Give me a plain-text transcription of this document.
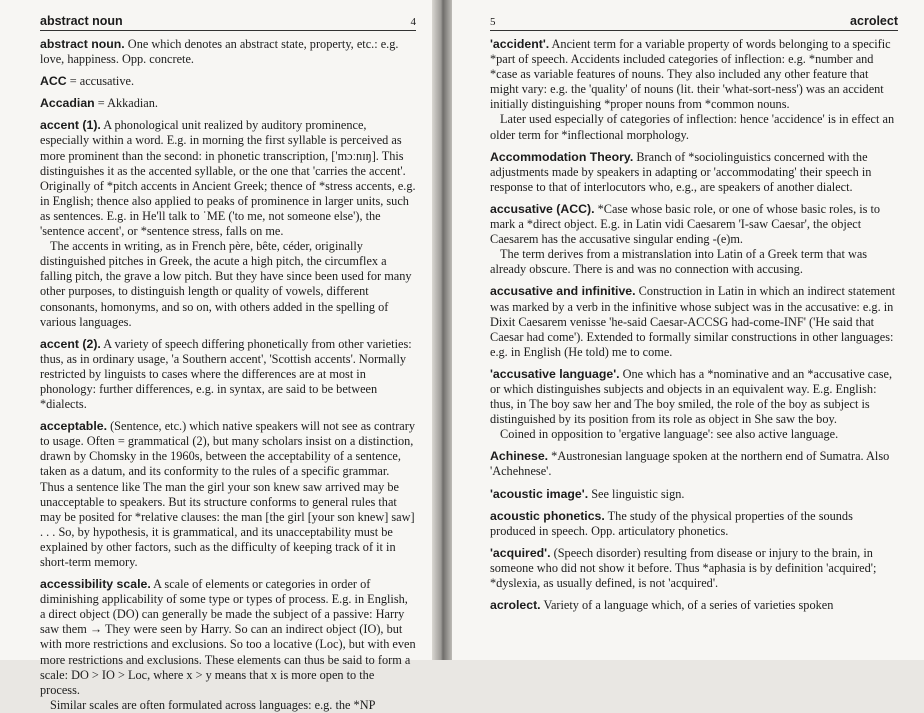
abstract noun	4
abstract noun. One which denotes an abstract state, property, etc.: e.g. love, happiness. Opp. concrete.
ACC = accusative.
Accadian = Akkadian.
accent (1). A phonological unit realized by auditory prominence, especially within a word. E.g. in morning the first syllable is perceived as more prominent than the second: in phonetic transcription, ['mɔːnɪŋ]. This distinguishes it as the accented syllable, or the one that 'carries the accent'. Originally of *pitch accents in Ancient Greek; thence of *stress accents, e.g. in English; thence also applied to peaks of prominence in larger units, such as sentences. E.g. in He'll talk to ˈME ('to me, not someone else'), the 'sentence accent', or *sentence stress, falls on me.

The accents in writing, as in French père, bête, céder, originally distinguished pitches in Greek, the acute a high pitch, the circumflex a falling pitch, the grave a low pitch. But they have since been used for many other purposes, to distinguish length or quality of vowels, different consonants, homonyms, and so on, with others added in the spelling of various languages.

accent (2). A variety of speech differing phonetically from other varieties: thus, as in ordinary usage, 'a Southern accent', 'Scottish accents'. Normally restricted by linguists to cases where the differences are at most in phonology: further differences, e.g. in syntax, are said to be between *dialects.
acceptable. (Sentence, etc.) which native speakers will not see as contrary to usage. Often = grammatical (2), but many scholars insist on a distinction, drawn by Chomsky in the 1960s, between the acceptability of a sentence, taken as a datum, and its conformity to the rules of a specific grammar. Thus a sentence like The man the girl your son knew saw arrived may be unacceptable to speakers. But its structure conforms to general rules that may be posited for *relative clauses: the man [the girl [your son knew] saw] . . . So, by hypothesis, it is grammatical, and its unacceptability must be explained by other factors, such as the difficulty of keeping track of it in short-term memory.
accessibility scale. A scale of elements or categories in order of diminishing applicability of some type or types of process. E.g. in English, a direct object (DO) can generally be made the subject of a passive: Harry saw them → They were seen by Harry. So can an indirect object (IO), but with more restrictions and exclusions. So too a locative (Loc), but with even more restrictions and exclusions. These elements can thus be said to form a scale: DO > IO > Loc, where x > y means that x is more open to the process.

Similar scales are often formulated across languages: e.g. the *NP

5	acrolect
'accident'. Ancient term for a variable property of words belonging to a specific *part of speech. Accidents included categories of inflection: e.g. *number and *case as variable features of nouns. They also included any other feature that might vary: e.g. the 'quality' of nouns (lit. their 'what-sort-ness') was an accident initially distinguishing *proper nouns from *common nouns.

Later used especially of categories of inflection: hence 'accidence' is in effect an older term for *inflectional morphology.

Accommodation Theory. Branch of *sociolinguistics concerned with the adjustments made by speakers in adapting or 'accommodating' their speech in response to that of interlocutors who, e.g., are speakers of another dialect.
accusative (ACC). *Case whose basic role, or one of whose basic roles, is to mark a *direct object. E.g. in Latin vidi Caesarem 'I-saw Caesar', the object Caesarem has the accusative singular ending -(e)m.

The term derives from a mistranslation into Latin of a Greek term that was already obscure. There is and was no connection with accusing.

accusative and infinitive. Construction in Latin in which an indirect statement was marked by a verb in the infinitive whose subject was in the accusative: e.g. in Dixit Caesarem venisse 'he-said Caesar-ACCSG had-come-INF' ('He said that Caesar had come'). Extended to formally similar constructions in other languages: e.g. in English (He told) me to come.
'accusative language'. One which has a *nominative and an *accusative case, or which distinguishes subjects and objects in an equivalent way. E.g. English: thus, in The boy saw her and The boy smiled, the role of the boy as subject is distinguished by its position from its role as object in She saw the boy.

Coined in opposition to 'ergative language': see also active language.

Achinese. *Austronesian language spoken at the northern end of Sumatra. Also 'Achehnese'.
'acoustic image'. See linguistic sign.
acoustic phonetics. The study of the physical properties of the sounds produced in speech. Opp. articulatory phonetics.
'acquired'. (Speech disorder) resulting from disease or injury to the brain, in someone who did not show it before. Thus *aphasia is by definition 'acquired'; *dyslexia, as usually defined, is not 'acquired'.
acrolect. Variety of a language which, of a series of varieties spoken
